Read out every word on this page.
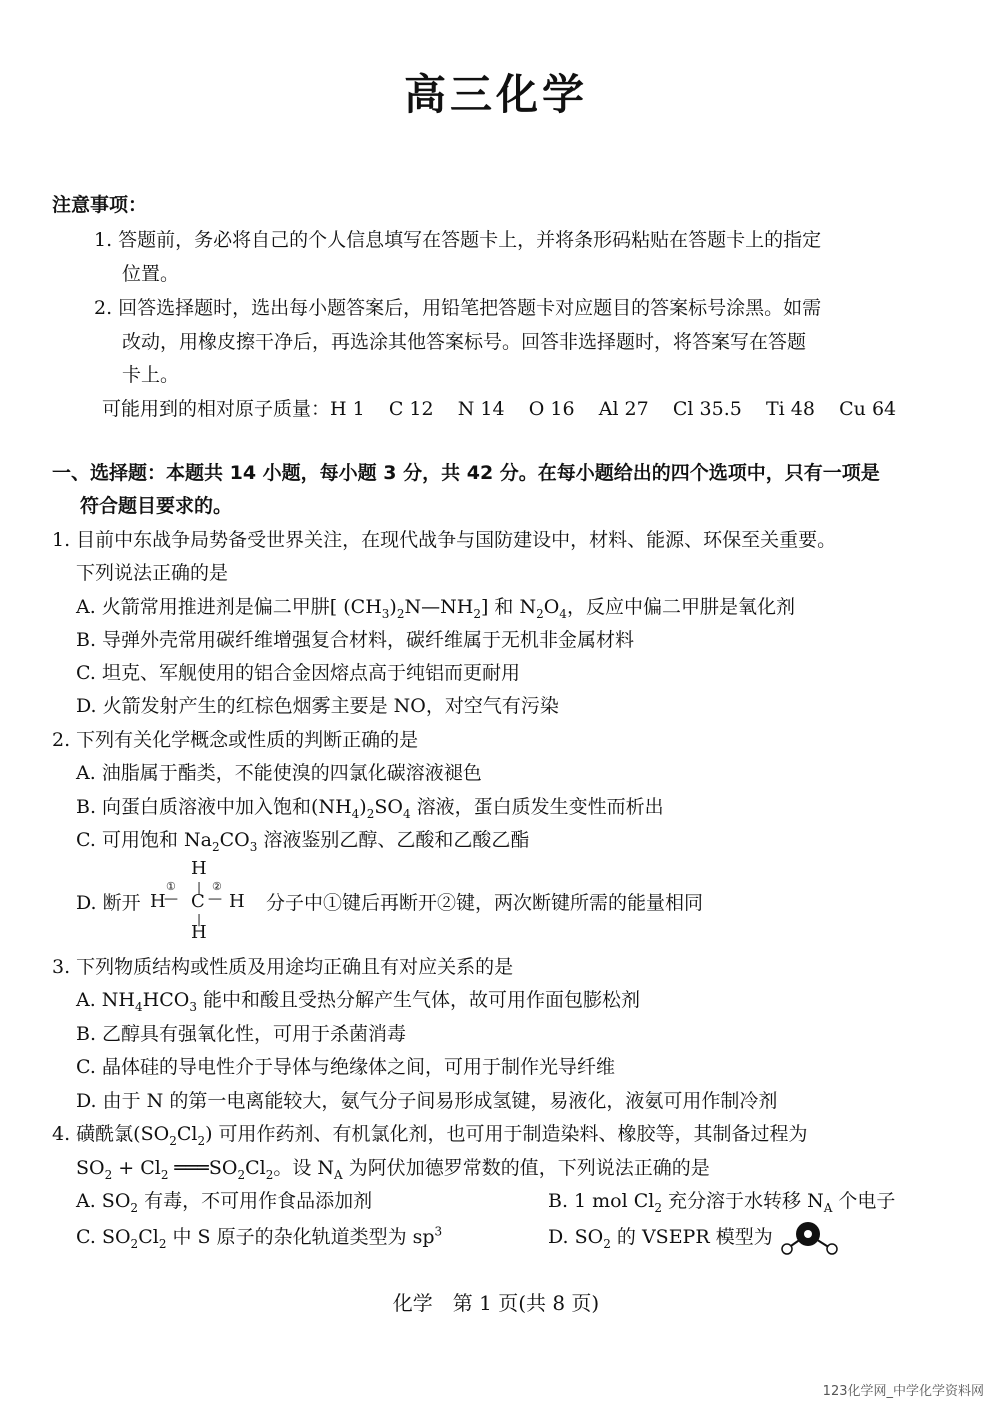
高三化学
注意事项：
1. 答题前，务必将自己的个人信息填写在答题卡上，并将条形码粘贴在答题卡上的指定
位置。
2. 回答选择题时，选出每小题答案后，用铅笔把答题卡对应题目的答案标号涂黑。如需
改动，用橡皮擦干净后，再选涂其他答案标号。回答非选择题时，将答案写在答题
卡上。
可能用到的相对原子质量：H 1    C 12    N 14    O 16    Al 27    Cl 35.5    Ti 48    Cu 64
一、选择题：本题共 14 小题，每小题 3 分，共 42 分。在每小题给出的四个选项中，只有一项是
符合题目要求的。
1. 目前中东战争局势备受世界关注，在现代战争与国防建设中，材料、能源、环保至关重要。
下列说法正确的是
A. 火箭常用推进剂是偏二甲肼[ $(CH_3)_2N—NH_2$] 和 $N_2O_4$，反应中偏二甲肼是氧化剂
B. 导弹外壳常用碳纤维增强复合材料，碳纤维属于无机非金属材料
C. 坦克、军舰使用的铝合金因熔点高于纯铝而更耐用
D. 火箭发射产生的红棕色烟雾主要是 NO，对空气有污染
2. 下列有关化学概念或性质的判断正确的是
A. 油脂属于酯类，不能使溴的四氯化碳溶液褪色
B. 向蛋白质溶液中加入饱和$(NH_4)_2SO_4$ 溶液，蛋白质发生变性而析出
C. 可用饱和 $Na_2CO_3$ 溶液鉴别乙醇、乙酸和乙酸乙酯
D. 断开
H
|
H
①
— C
②
— H
|
H
分子中①键后再断开②键，两次断键所需的能量相同
3. 下列物质结构或性质及用途均正确且有对应关系的是
A. $NH_4HCO_3$ 能中和酸且受热分解产生气体，故可用作面包膨松剂
B. 乙醇具有强氧化性，可用于杀菌消毒
C. 晶体硅的导电性介于导体与绝缘体之间，可用于制作光导纤维
D. 由于 N 的第一电离能较大，氨气分子间易形成氢键，易液化，液氨可用作制冷剂
4. 磺酰氯$(SO_2Cl_2)$ 可用作药剂、有机氯化剂，也可用于制造染料、橡胶等，其制备过程为
$SO_2 + Cl_2$ $═══SO_2Cl_2$。设 $N_A$ 为阿伏加德罗常数的值，下列说法正确的是
A. $SO_2$ 有毒，不可用作食品添加剂	B. 1 mol $Cl_2$ 充分溶于水转移 $N_A$ 个电子
C. $SO_2Cl_2$ 中 S 原子的杂化轨道类型为 $sp^3$	D. $SO_2$ 的 VSEPR 模型为
化学　第 1 页(共 8 页)
123化学网_中学化学资料网
